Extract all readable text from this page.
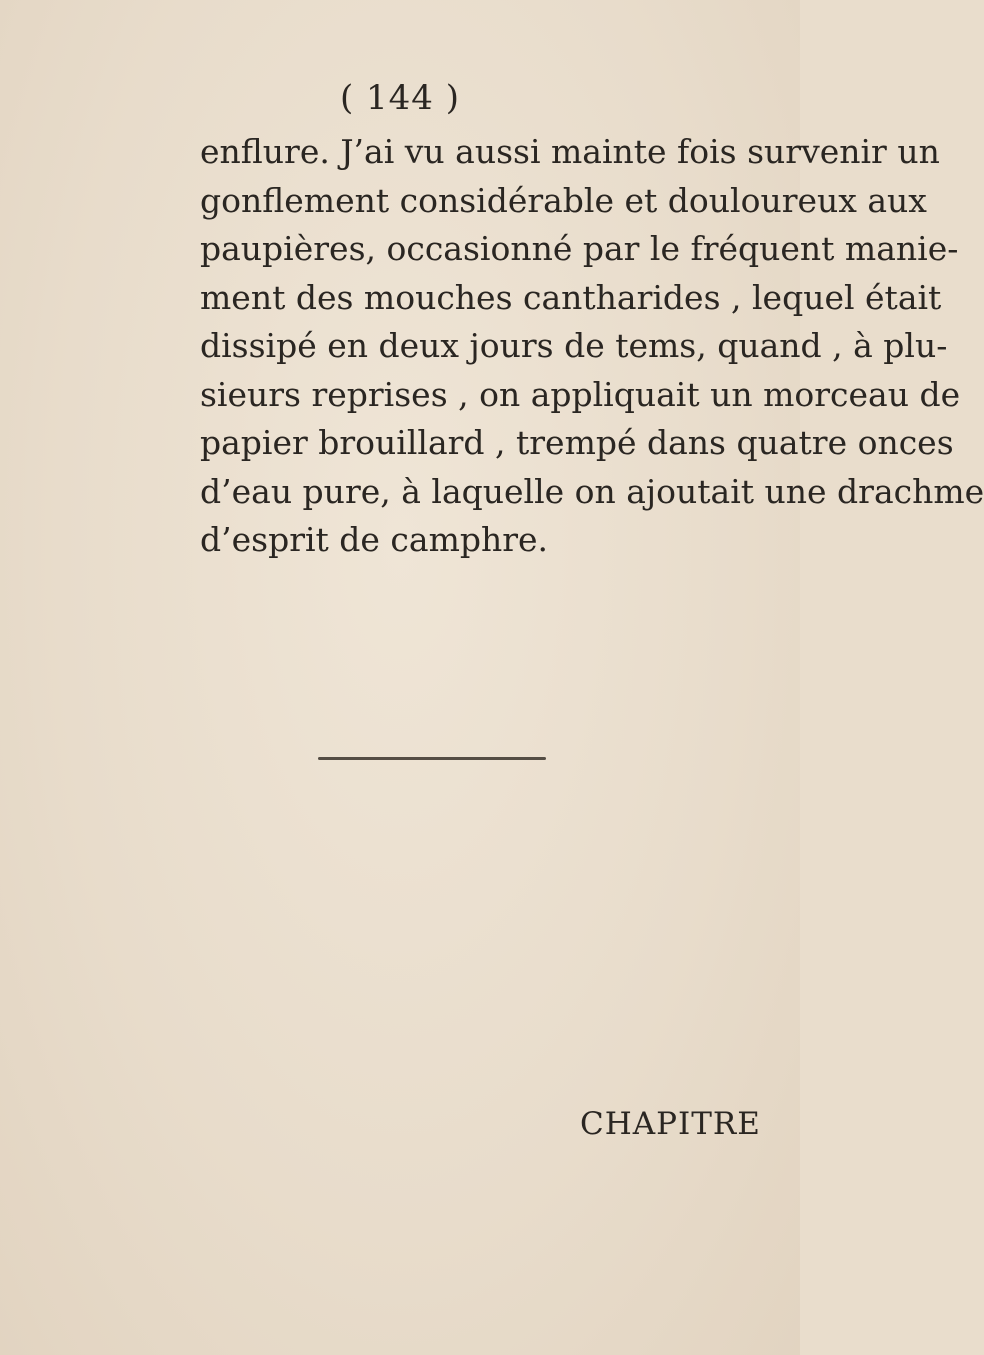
( 144 )
enflure. J’ai vu aussi mainte fois survenir un
gonflement considérable et douloureux aux
paupières, occasionné par le fréquent manie-
ment des mouches cantharides , lequel était
dissipé en deux jours de tems, quand , à plu-
sieurs reprises , on appliquait un morceau de
papier brouillard , trempé dans quatre onces
d’eau pure, à laquelle on ajoutait une drachme
d’esprit de camphre.
CHAPITRE
